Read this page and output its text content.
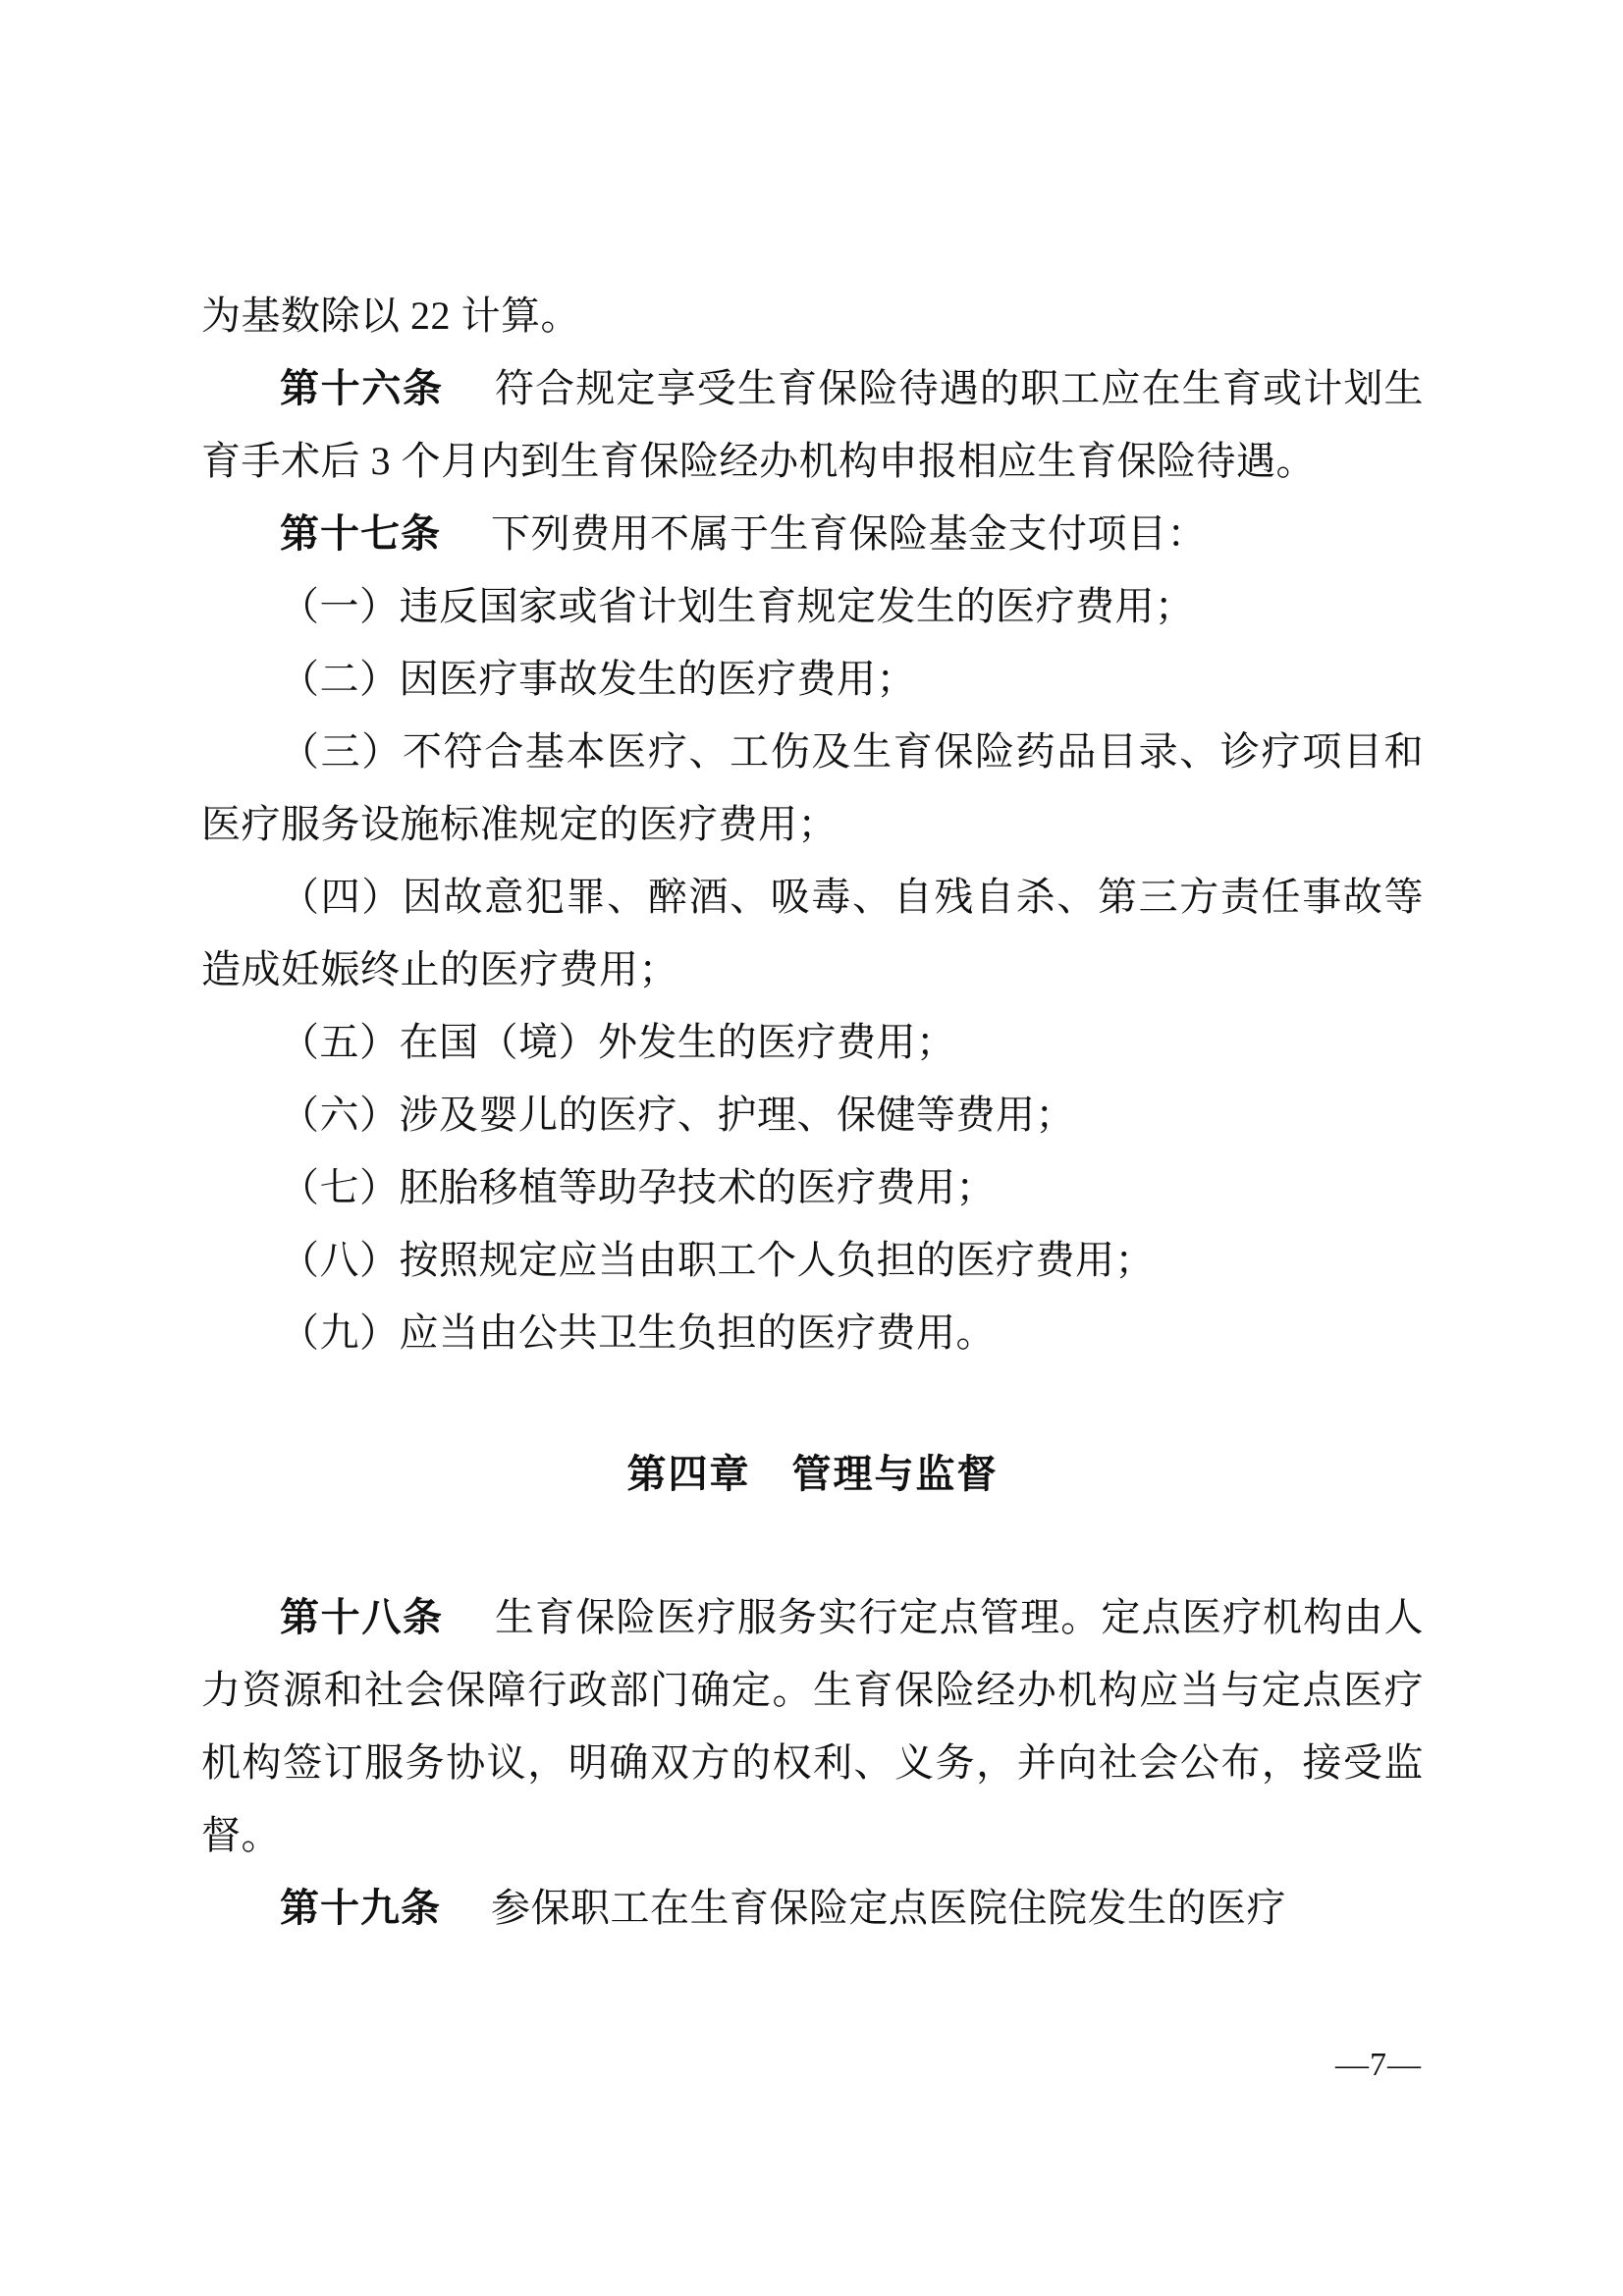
为基数除以 22 计算。

第十六条 　 符合规定享受生育保险待遇的职工应在生育或计划生育手术后 3 个月内到生育保险经办机构申报相应生育保险待遇。

第十七条 　 下列费用不属于生育保险基金支付项目：

（一）违反国家或省计划生育规定发生的医疗费用；

（二）因医疗事故发生的医疗费用；

（三）不符合基本医疗、工伤及生育保险药品目录、诊疗项目和医疗服务设施标准规定的医疗费用；

（四）因故意犯罪、醉酒、吸毒、自残自杀、第三方责任事故等造成妊娠终止的医疗费用；

（五）在国（境）外发生的医疗费用；

（六）涉及婴儿的医疗、护理、保健等费用；

（七）胚胎移植等助孕技术的医疗费用；

（八）按照规定应当由职工个人负担的医疗费用；

（九）应当由公共卫生负担的医疗费用。

第四章　管理与监督

第十八条 　 生育保险医疗服务实行定点管理。定点医疗机构由人力资源和社会保障行政部门确定。生育保险经办机构应当与定点医疗机构签订服务协议，明确双方的权利、义务，并向社会公布，接受监督。

第十九条 　 参保职工在生育保险定点医院住院发生的医疗

—7—
